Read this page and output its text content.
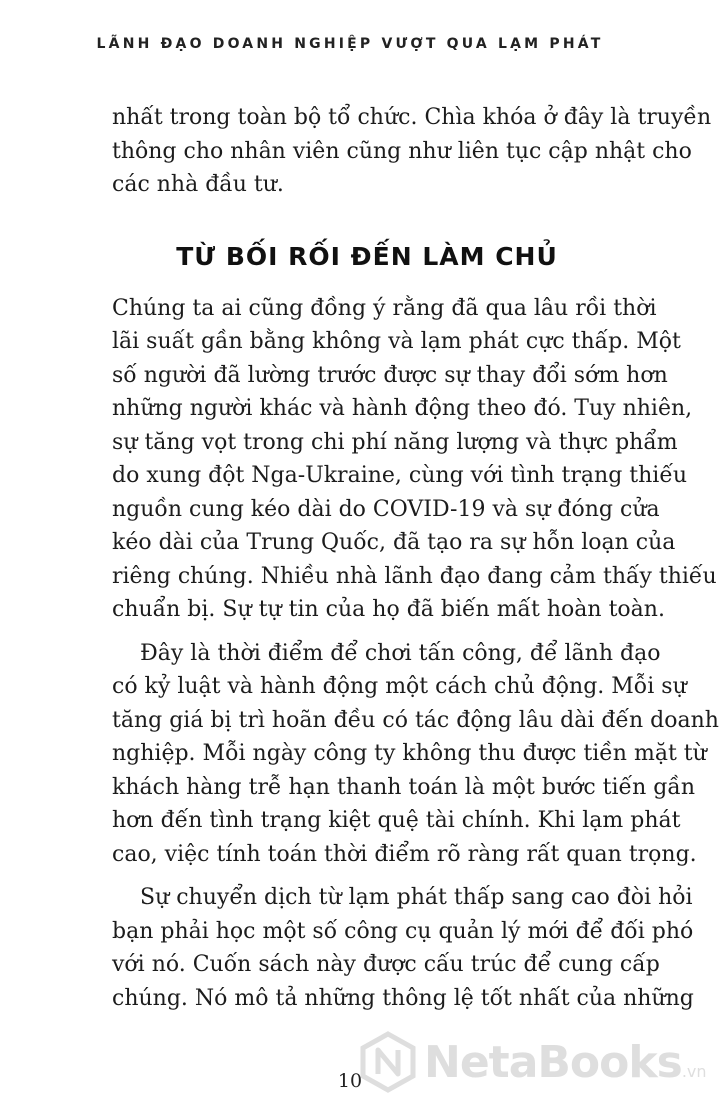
LÃNH ĐẠO DOANH NGHIỆP VƯỢT QUA LẠM PHÁT

nhất trong toàn bộ tổ chức. Chìa khóa ở đây là truyền
thông cho nhân viên cũng như liên tục cập nhật cho
các nhà đầu tư.

TỪ BỐI RỐI ĐẾN LÀM CHỦ

Chúng ta ai cũng đồng ý rằng đã qua lâu rồi thời
lãi suất gần bằng không và lạm phát cực thấp. Một
số người đã lường trước được sự thay đổi sớm hơn
những người khác và hành động theo đó. Tuy nhiên,
sự tăng vọt trong chi phí năng lượng và thực phẩm
do xung đột Nga-Ukraine, cùng với tình trạng thiếu
nguồn cung kéo dài do COVID-19 và sự đóng cửa
kéo dài của Trung Quốc, đã tạo ra sự hỗn loạn của
riêng chúng. Nhiều nhà lãnh đạo đang cảm thấy thiếu
chuẩn bị. Sự tự tin của họ đã biến mất hoàn toàn.

Đây là thời điểm để chơi tấn công, để lãnh đạo
có kỷ luật và hành động một cách chủ động. Mỗi sự
tăng giá bị trì hoãn đều có tác động lâu dài đến doanh
nghiệp. Mỗi ngày công ty không thu được tiền mặt từ
khách hàng trễ hạn thanh toán là một bước tiến gần
hơn đến tình trạng kiệt quệ tài chính. Khi lạm phát
cao, việc tính toán thời điểm rõ ràng rất quan trọng.

Sự chuyển dịch từ lạm phát thấp sang cao đòi hỏi
bạn phải học một số công cụ quản lý mới để đối phó
với nó. Cuốn sách này được cấu trúc để cung cấp
chúng. Nó mô tả những thông lệ tốt nhất của những

10	NetaBooks.vn
